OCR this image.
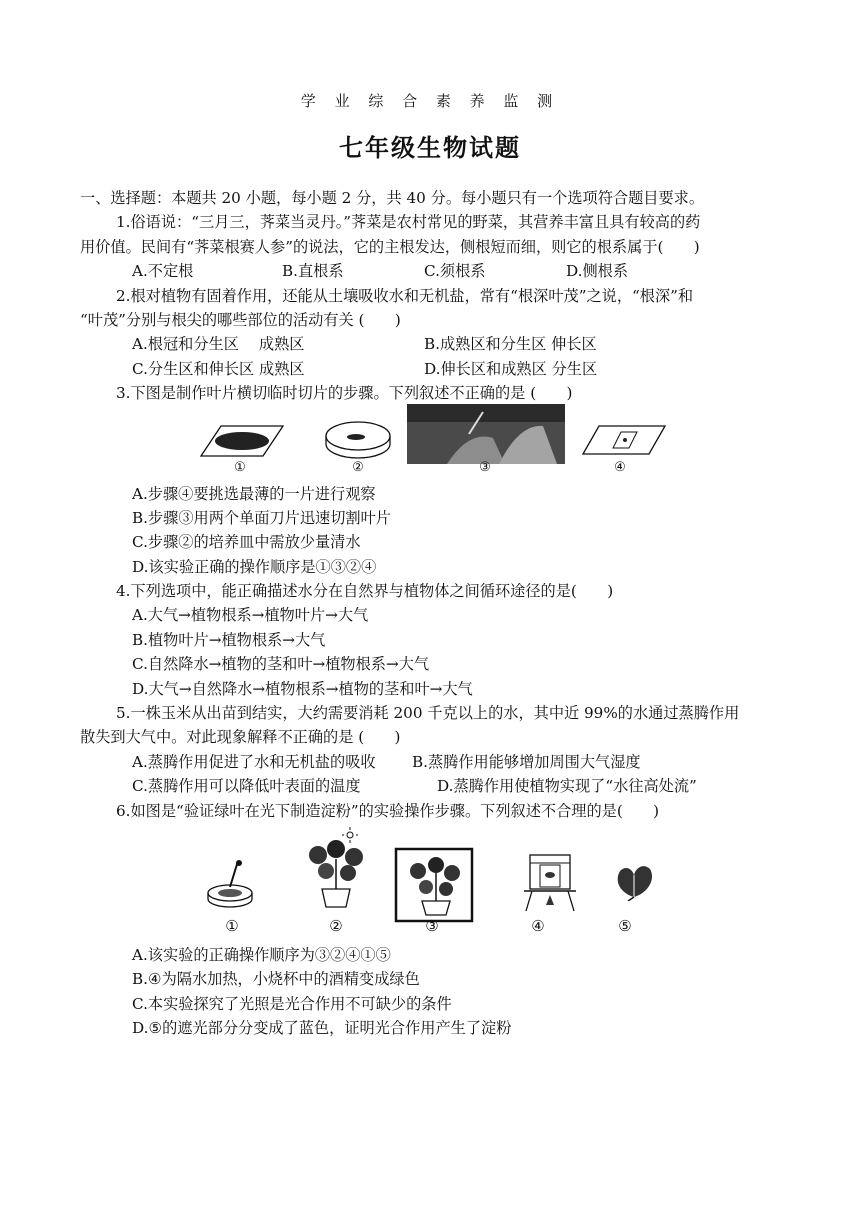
学 业 综 合 素 养 监 测
七年级生物试题
一、选择题：本题共 20 小题，每小题 2 分，共 40 分。每小题只有一个选项符合题目要求。
1.俗语说：“三月三，荠菜当灵丹。”荠菜是农村常见的野菜，其营养丰富且具有较高的药
用价值。民间有“荠菜根赛人参”的说法，它的主根发达，侧根短而细，则它的根系属于(　　)
A.不定根	B.直根系	C.须根系	D.侧根系
2.根对植物有固着作用，还能从土壤吸收水和无机盐，常有“根深叶茂”之说，“根深”和
“叶茂”分别与根尖的哪些部位的活动有关 (　　)
A.根冠和分生区　 成熟区	B.成熟区和分生区 伸长区
C.分生区和伸长区 成熟区	D.伸长区和成熟区 分生区
3.下图是制作叶片横切临时切片的步骤。下列叙述不正确的是 (　　)
①	②	③	④
A.步骤④要挑选最薄的一片进行观察
B.步骤③用两个单面刀片迅速切割叶片
C.步骤②的培养皿中需放少量清水
D.该实验正确的操作顺序是①③②④
4.下列选项中，能正确描述水分在自然界与植物体之间循环途径的是(　　)
A.大气→植物根系→植物叶片→大气
B.植物叶片→植物根系→大气
C.自然降水→植物的茎和叶→植物根系→大气
D.大气→自然降水→植物根系→植物的茎和叶→大气
5.一株玉米从出苗到结实，大约需要消耗 200 千克以上的水，其中近 99%的水通过蒸腾作用
散失到大气中。对此现象解释不正确的是 (　　)
A.蒸腾作用促进了水和无机盐的吸收	B.蒸腾作用能够增加周围大气湿度
C.蒸腾作用可以降低叶表面的温度	D.蒸腾作用使植物实现了“水往高处流”
6.如图是“验证绿叶在光下制造淀粉”的实验操作步骤。下列叙述不合理的是(　　)
①	②	③	④	⑤
A.该实验的正确操作顺序为③②④①⑤
B.④为隔水加热，小烧杯中的酒精变成绿色
C.本实验探究了光照是光合作用不可缺少的条件
D.⑤的遮光部分分变成了蓝色，证明光合作用产生了淀粉
